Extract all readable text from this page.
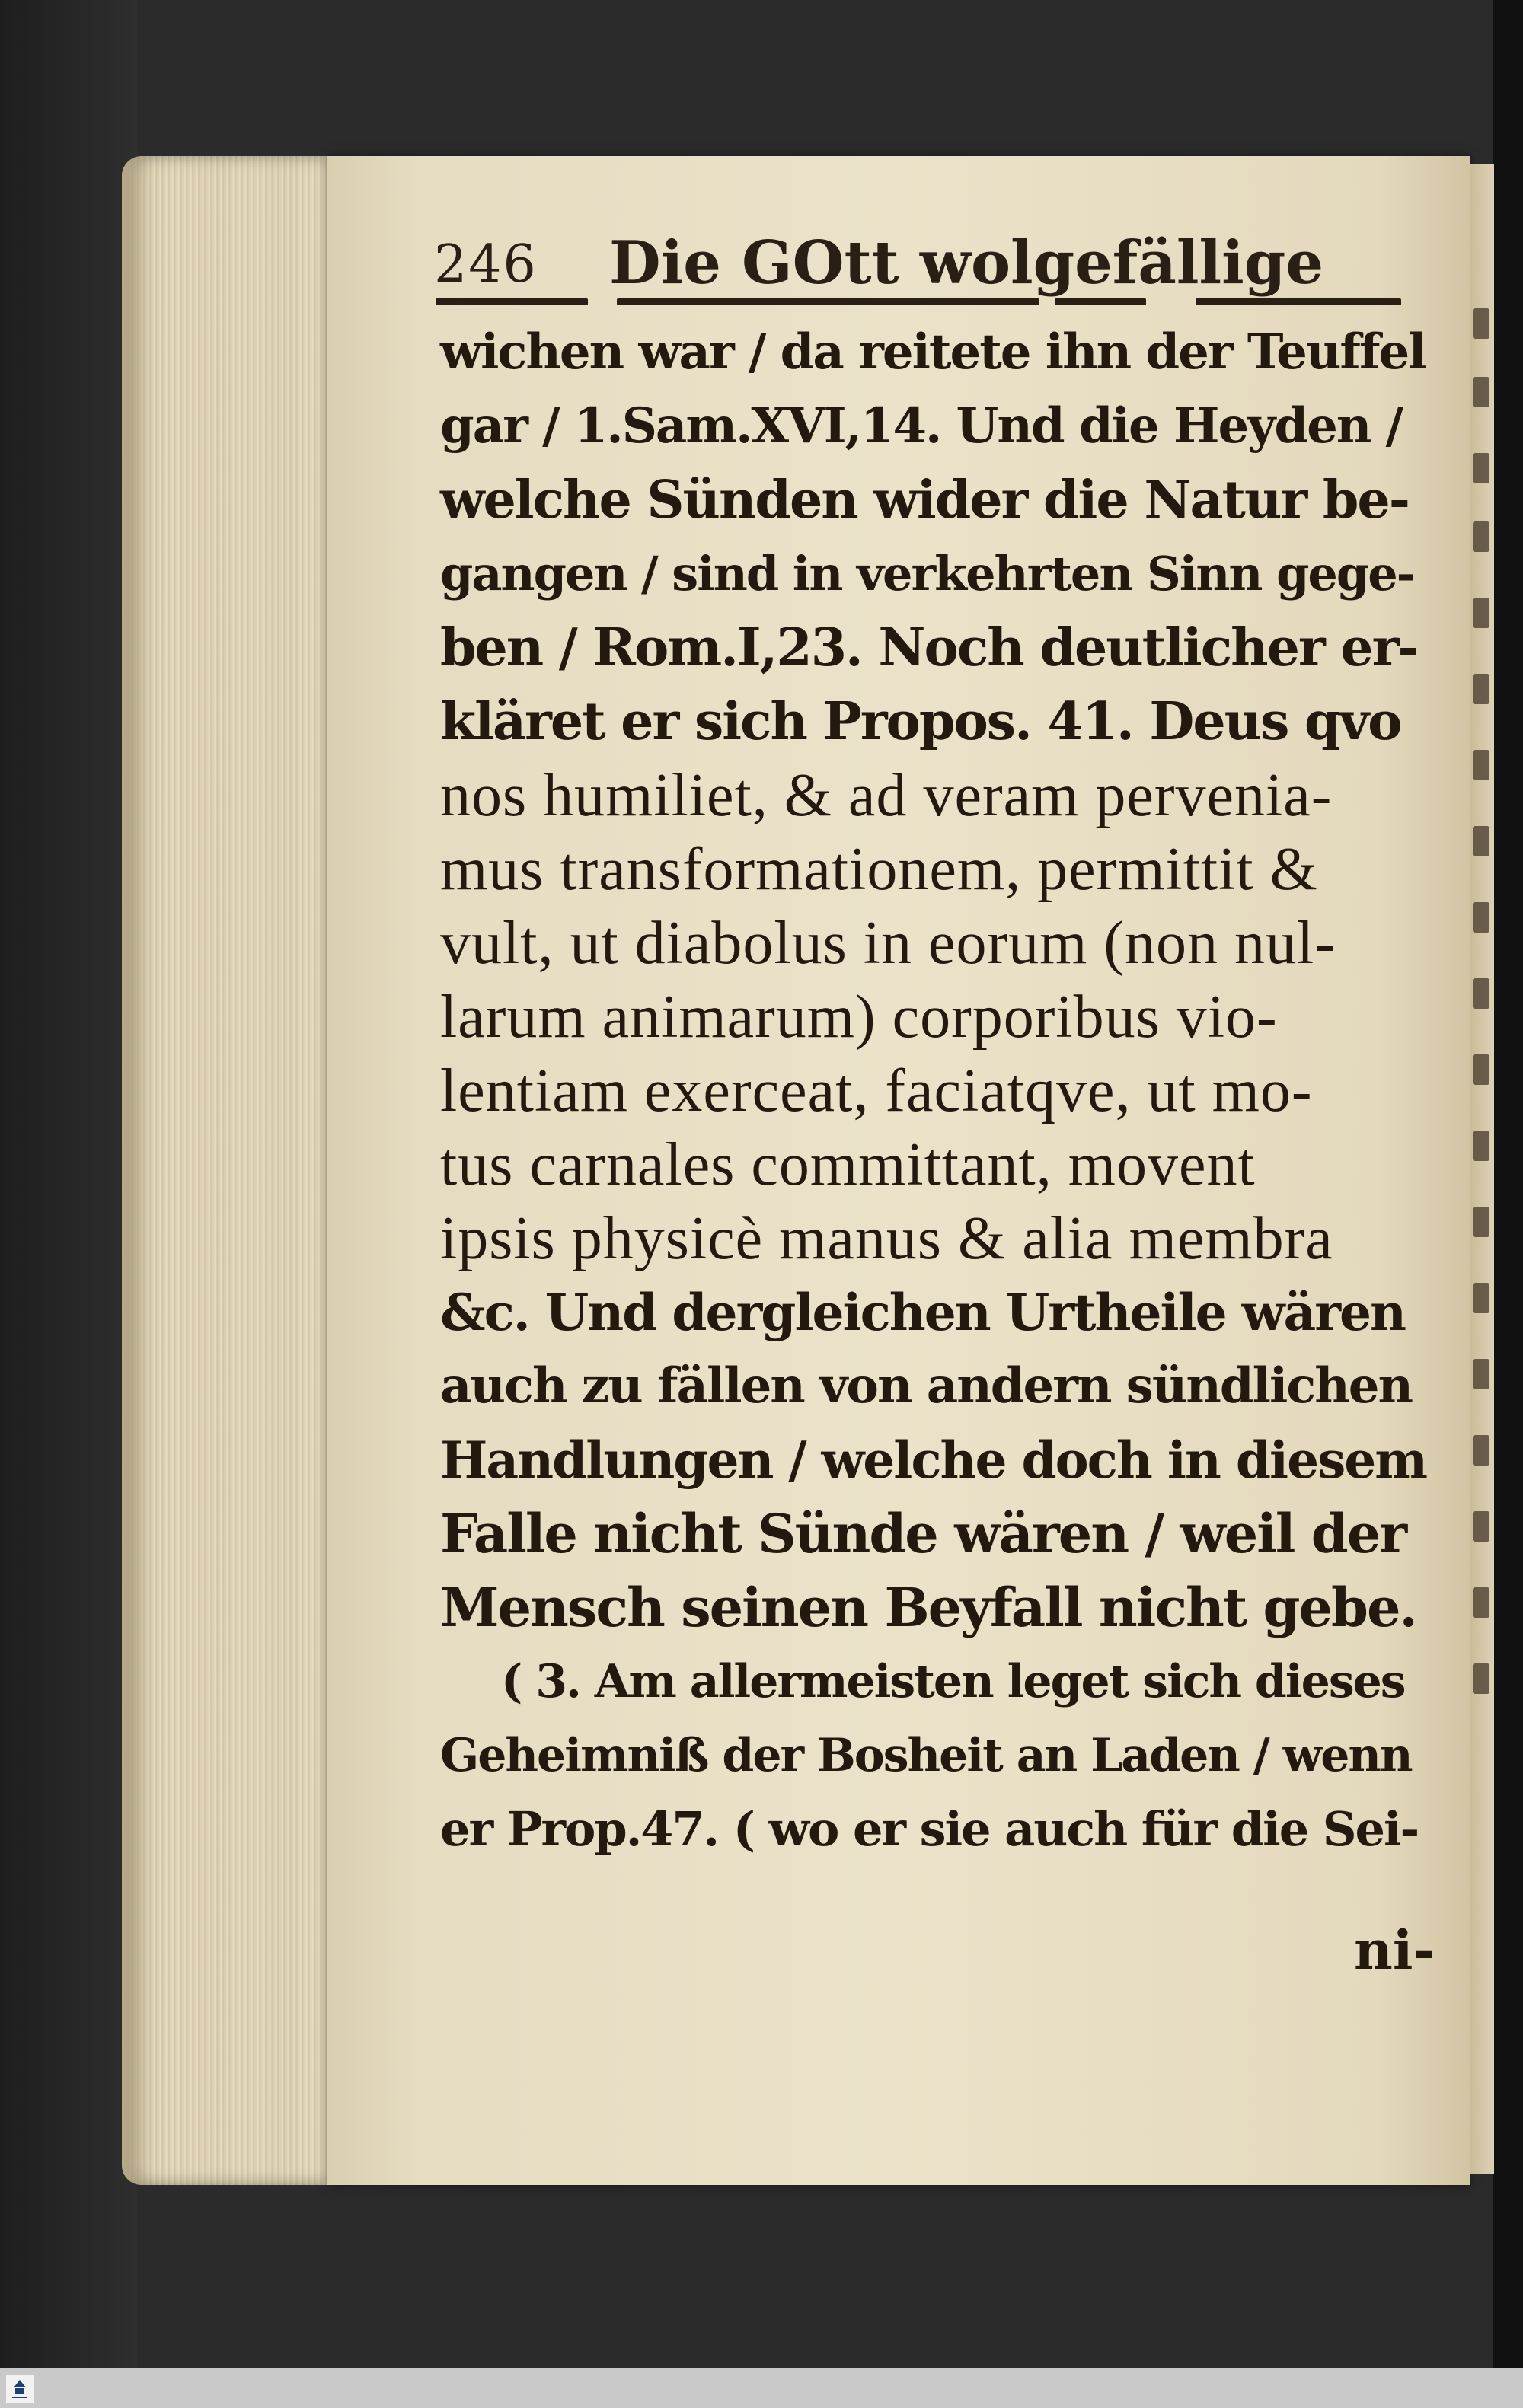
246 Die GOtt wolgefällige
wichen war / da reitete ihn der Teuffel
gar / 1.Sam.XVI,14. Und die Heyden /
welche Sünden wider die Natur be-
gangen / sind in verkehrten Sinn gege-
ben / Rom.I,23. Noch deutlicher er-
kläret er sich Propos. 41. Deus qvo
nos humiliet, & ad veram pervenia-
mus transformationem, permittit &
vult, ut diabolus in eorum (non nul-
larum animarum) corporibus vio-
lentiam exerceat, faciatqve, ut mo-
tus carnales committant, movent
ipsis physicè manus & alia membra
&c. Und dergleichen Urtheile wären
auch zu fällen von andern sündlichen
Handlungen / welche doch in diesem
Falle nicht Sünde wären / weil der
Mensch seinen Beyfall nicht gebe.
( 3. Am allermeisten leget sich dieses
Geheimniß der Bosheit an Laden / wenn
er Prop.47. ( wo er sie auch für die Sei-
ni-
